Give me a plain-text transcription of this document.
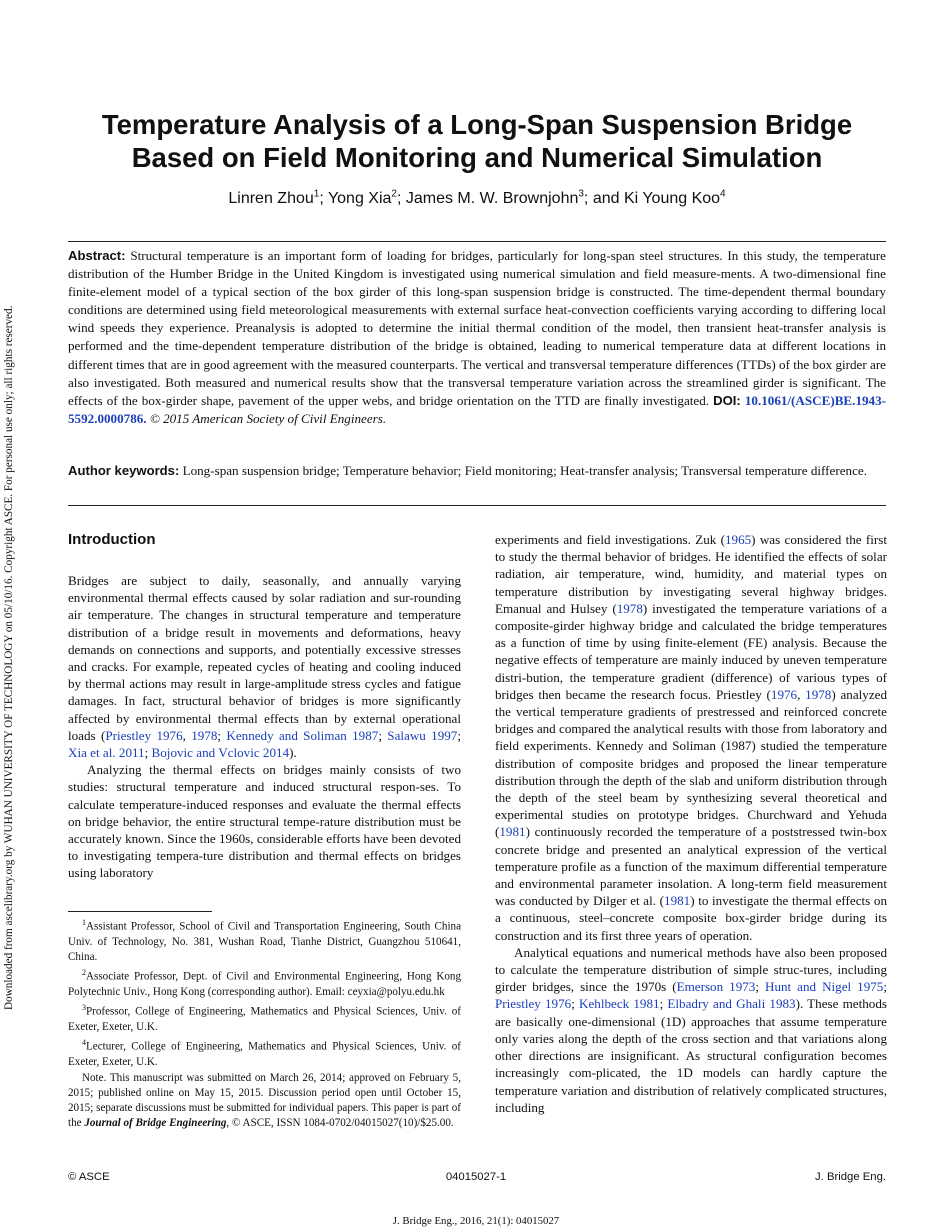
Downloaded from ascelibrary.org by WUHAN UNIVERSITY OF TECHNOLOGY on 05/10/16. Copyright ASCE. For personal use only; all rights reserved.
Temperature Analysis of a Long-Span Suspension Bridge
Based on Field Monitoring and Numerical Simulation
Linren Zhou$^1$; Yong Xia$^2$; James M. W. Brownjohn$^3$; and Ki Young Koo$^4$

Abstract: Structural temperature is an important form of loading for bridges, particularly for long-span steel structures. In this study, the temperature distribution of the Humber Bridge in the United Kingdom is investigated using numerical simulation and field measure-ments. A two-dimensional fine finite-element model of a typical section of the box girder of this long-span suspension bridge is constructed. The time-dependent thermal boundary conditions are determined using field meteorological measurements with external surface heat-convection coefficients varying according to differing local wind speeds they experience. Preanalysis is adopted to determine the initial thermal condition of the model, then transient heat-transfer analysis is performed and the time-dependent temperature distribution of the bridge is obtained, leading to numerical temperature data at different locations in different times that are in good agreement with the measured counterparts. The vertical and transversal temperature differences (TTDs) of the box girder are also investigated. Both measured and numerical results show that the transversal temperature variation across the streamlined girder is significant. The effects of the box-girder shape, pavement of the upper webs, and bridge orientation on the TTD are finally investigated. DOI: 10.1061/(ASCE)BE.1943-5592.0000786. © 2015 American Society of Civil Engineers.

Author keywords: Long-span suspension bridge; Temperature behavior; Field monitoring; Heat-transfer analysis; Transversal temperature difference.

Introduction

Bridges are subject to daily, seasonally, and annually varying environmental thermal effects caused by solar radiation and sur-rounding air temperature. The changes in structural temperature and temperature distribution of a bridge result in movements and deformations, heavy demands on connections and supports, and potentially excessive stresses and cracks. For example, repeated cycles of heating and cooling induced by thermal actions may result in large-amplitude stress cycles and fatigue damages. In fact, structural behavior of bridges is more significantly affected by environmental thermal effects than by external operational loads (Priestley 1976, 1978; Kennedy and Soliman 1987; Salawu 1997; Xia et al. 2011; Bojovic and Vclovic 2014).

Analyzing the thermal effects on bridges mainly consists of two studies: structural temperature and induced structural respon-ses. To calculate temperature-induced responses and evaluate the thermal effects on bridge behavior, the entire structural tempe-rature distribution must be accurately known. Since the 1960s, considerable efforts have been devoted to investigating tempera-ture distribution and thermal effects on bridges using laboratory

experiments and field investigations. Zuk (1965) was considered the first to study the thermal behavior of bridges. He identified the effects of solar radiation, air temperature, wind, humidity, and material types on temperature distribution by investigating several highway bridges. Emanual and Hulsey (1978) investigated the temperature variations of a composite-girder highway bridge and calculated the bridge temperatures as a function of time by using finite-element (FE) analysis. Because the negative effects of temperature are mainly induced by uneven temperature distri-bution, the temperature gradient (difference) of various types of bridges then became the research focus. Priestley (1976, 1978) analyzed the vertical temperature gradients of prestressed and reinforced concrete bridges and compared the analytical results with those from laboratory and field experiments. Kennedy and Soliman (1987) studied the temperature distribution of composite bridges and proposed the linear temperature distribution through the depth of the slab and uniform distribution through the depth of the steel beam by synthesizing several theoretical and experimental studies on prototype bridges. Churchward and Yehuda (1981) continuously recorded the temperature of a poststressed twin-box concrete bridge and presented an analytical expression of the vertical temperature profile as a function of the maximum differential temperature and environmental parameter insolation. A long-term field measurement was conducted by Dilger et al. (1981) to investigate the thermal effects on a continuous, steel–concrete composite box-girder bridge during its construction and its first three years of operation.

Analytical equations and numerical methods have also been proposed to calculate the temperature distribution of simple struc-tures, including girder bridges, since the 1970s (Emerson 1973; Hunt and Nigel 1975; Priestley 1976; Kehlbeck 1981; Elbadry and Ghali 1983). These methods are basically one-dimensional (1D) approaches that assume temperature only varies along the depth of the cross section and that variations along other directions are insignificant. As structural configuration becomes increasingly com-plicated, the 1D models can hardly capture the temperature variation and distribution of relatively complicated structures, including

$^1$Assistant Professor, School of Civil and Transportation Engineering, South China Univ. of Technology, No. 381, Wushan Road, Tianhe District, Guangzhou 510641, China.

$^2$Associate Professor, Dept. of Civil and Environmental Engineering, Hong Kong Polytechnic Univ., Hong Kong (corresponding author). Email: ceyxia@polyu.edu.hk

$^3$Professor, College of Engineering, Mathematics and Physical Sciences, Univ. of Exeter, Exeter, U.K.

$^4$Lecturer, College of Engineering, Mathematics and Physical Sciences, Univ. of Exeter, Exeter, U.K.

Note. This manuscript was submitted on March 26, 2014; approved on February 5, 2015; published online on May 15, 2015. Discussion period open until October 15, 2015; separate discussions must be submitted for individual papers. This paper is part of the Journal of Bridge Engineering, © ASCE, ISSN 1084-0702/04015027(10)/$25.00.

© ASCE	04015027-1	J. Bridge Eng.
J. Bridge Eng., 2016, 21(1): 04015027
